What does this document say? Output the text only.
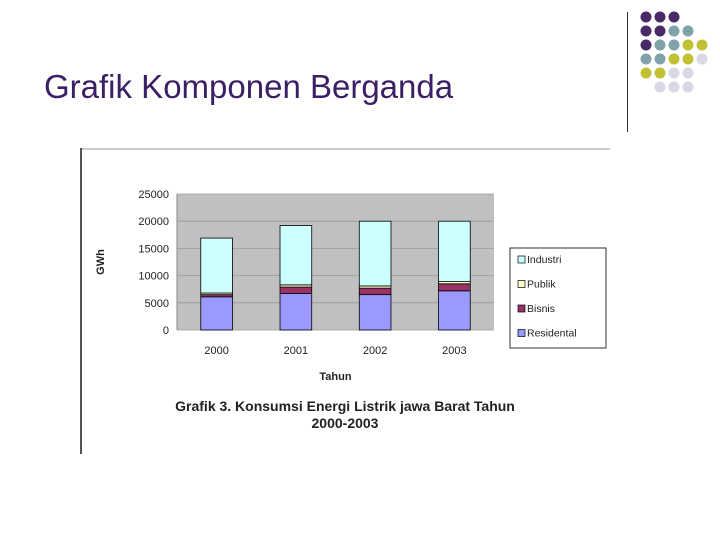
Grafik Komponen Berganda
0
5000
10000
15000
20000
25000
GWh
2000	2001	2002	2003
Tahun
Industri
Publik
Bisnis
Residental
Grafik 3. Konsumsi Energi Listrik jawa Barat Tahun
2000-2003
